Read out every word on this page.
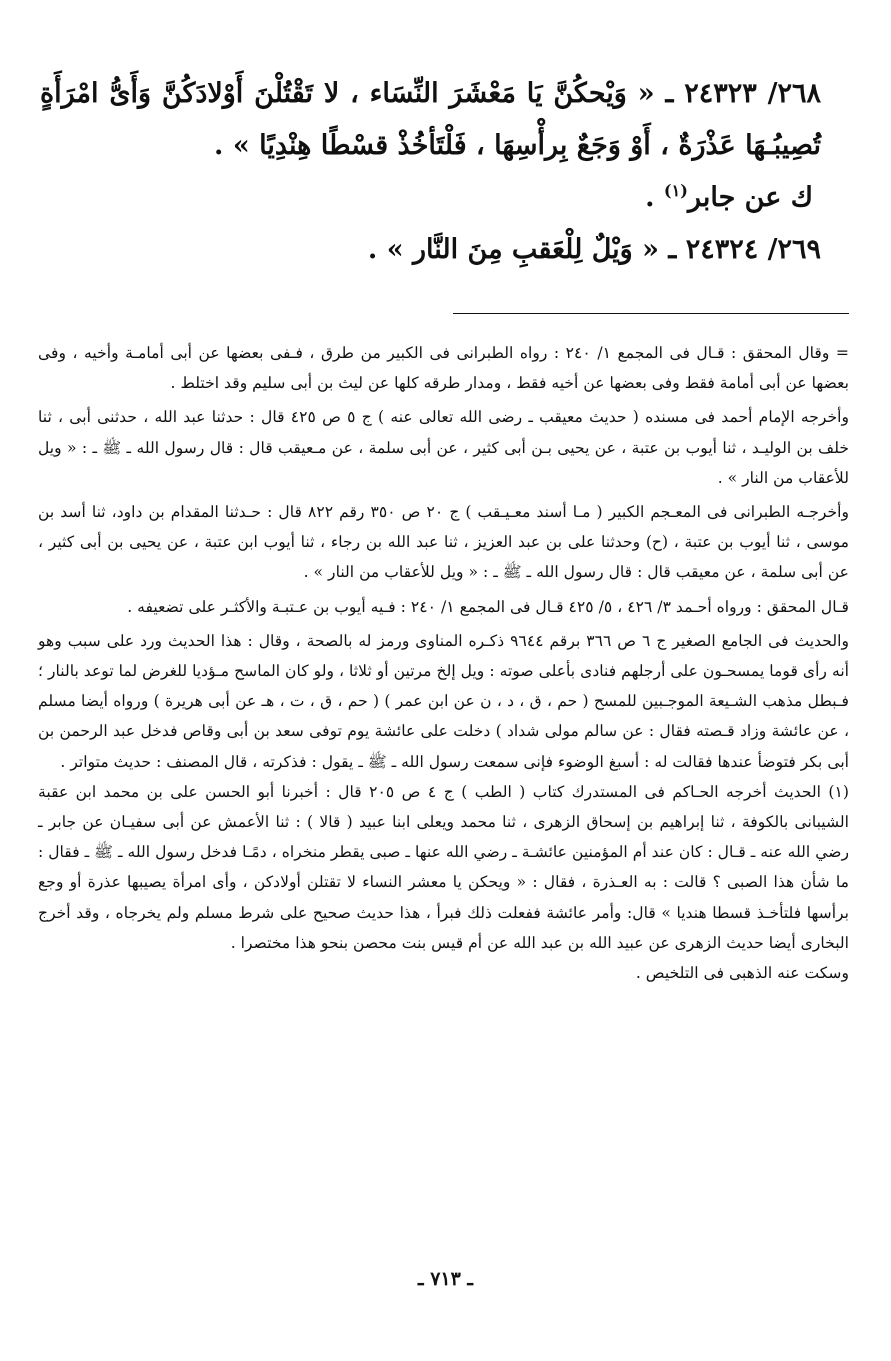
٢٦٨/ ٢٤٣٢٣ ـ « وَيْحكُنَّ يَا مَعْشَرَ النِّسَاء ، لا تَقْتُلْنَ أَوْلادَكُنَّ وَأَىُّ امْرَأَةٍ تُصِيبُـهَا عَذْرَةٌ ، أَوْ وَجَعٌ بِرأْسِهَا ، فَلْتَأخُذْ قسْطًا هِنْدِيًا » .

ك عن جابر$^{(١)}$ .

٢٦٩/ ٢٤٣٢٤ ـ « وَيْلٌ لِلْعَقبِ مِنَ النَّار » .

= وقال المحقق : قـال فى المجمع ١/ ٢٤٠ : رواه الطبرانى فى الكبير من طرق ، فـفى بعضها عن أبى أمامـة وأخيه ، وفى بعضها عن أبى أمامة فقط وفى بعضها عن أخيه فقط ، ومدار طرقه كلها عن ليث بن أبى سليم وقد اختلط .

وأخرجه الإمام أحمد فى مسنده ( حديث معيقب ـ رضى الله تعالى عنه ) ج ٥ ص ٤٢٥ قال : حدثنا عبد الله ، حدثنى أبى ، ثنا خلف بن الوليـد ، ثنا أيوب بن عتبة ، عن يحيى بـن أبى كثير ، عن أبى سلمة ، عن مـعيقب قال : قال رسول الله ـ ﷺ ـ : « ويل للأعقاب من النار » .

وأخرجـه الطبرانى فى المعـجم الكبير ( مـا أسند معـيـقب ) ج ٢٠ ص ٣٥٠ رقم ٨٢٢ قال : حـدثنا المقدام بن داود، ثنا أسد بن موسى ، ثنا أيوب بن عتبة ، (ح) وحدثنا على بن عبد العزيز ، ثنا عبد الله بن رجاء ، ثنا أيوب ابن عتبة ، عن يحيى بن أبى كثير ، عن أبى سلمة ، عن معيقب قال : قال رسول الله ـ ﷺ ـ : « ويل للأعقاب من النار » .

قـال المحقق : ورواه أحـمد ٣/ ٤٢٦ ، ٥/ ٤٢٥ قـال فى المجمع ١/ ٢٤٠ : فـيه أيوب بن عـتبـة والأكثـر على تضعيفه .

والحديث فى الجامع الصغير ج ٦ ص ٣٦٦ برقم ٩٦٤٤ ذكـره المناوى ورمز له بالصحة ، وقال : هذا الحديث ورد على سبب وهو أنه رأى قوما يمسحـون على أرجلهم فنادى بأعلى صوته : ويل إلخ مرتين أو ثلاثا ، ولو كان الماسح مـؤديا للغرض لما توعد بالنار ؛ فـبطل مذهب الشـيعة الموجـبين للمسح ( حم ، ق ، د ، ن عن ابن عمر ) ( حم ، ق ، ت ، هـ عن أبى هريرة ) ورواه أيضا مسلم ، عن عائشة وزاد قـصته فقال : عن سالم مولى شداد ) دخلت على عائشة يوم توفى سعد بن أبى وقاص فدخل عبد الرحمن بن أبى بكر فتوضأ عندها فقالت له : أسبغ الوضوء فإنى سمعت رسول الله ـ ﷺ ـ يقول : فذكرته ، قال المصنف : حديث متواتر .

(١) الحديث أخرجه الحـاكم فى المستدرك كتاب ( الطب ) ج ٤ ص ٢٠٥ قال : أخبرنا أبو الحسن على بن محمد ابن عقبة الشيبانى بالكوفة ، ثنا إبراهيم بن إسحاق الزهرى ، ثنا محمد ويعلى ابنا عبيد ( قالا ) : ثنا الأعمش عن أبى سفيـان عن جابر ـ رضي الله عنه ـ قـال : كان عند أم المؤمنين عائشـة ـ رضي الله عنها ـ صبى يقطر منخراه ، دمًـا فدخل رسول الله ـ ﷺ ـ فقال : ما شأن هذا الصبى ؟ قالت : به العـذرة ، فقال : « ويحكن يا معشر النساء لا تقتلن أولادكن ، وأى امرأة يصيبها عذرة أو وجع برأسها فلتأخـذ قسطا هنديا » قال: وأمر عائشة ففعلت ذلك فبرأ ، هذا حديث صحيح على شرط مسلم ولم يخرجاه ، وقد أخرج البخارى أيضا حديث الزهرى عن عبيد الله بن عبد الله عن أم قيس بنت محصن بنحو هذا مختصرا .

وسكت عنه الذهبى فى التلخيص .

ـ ٧١٣ ـ
